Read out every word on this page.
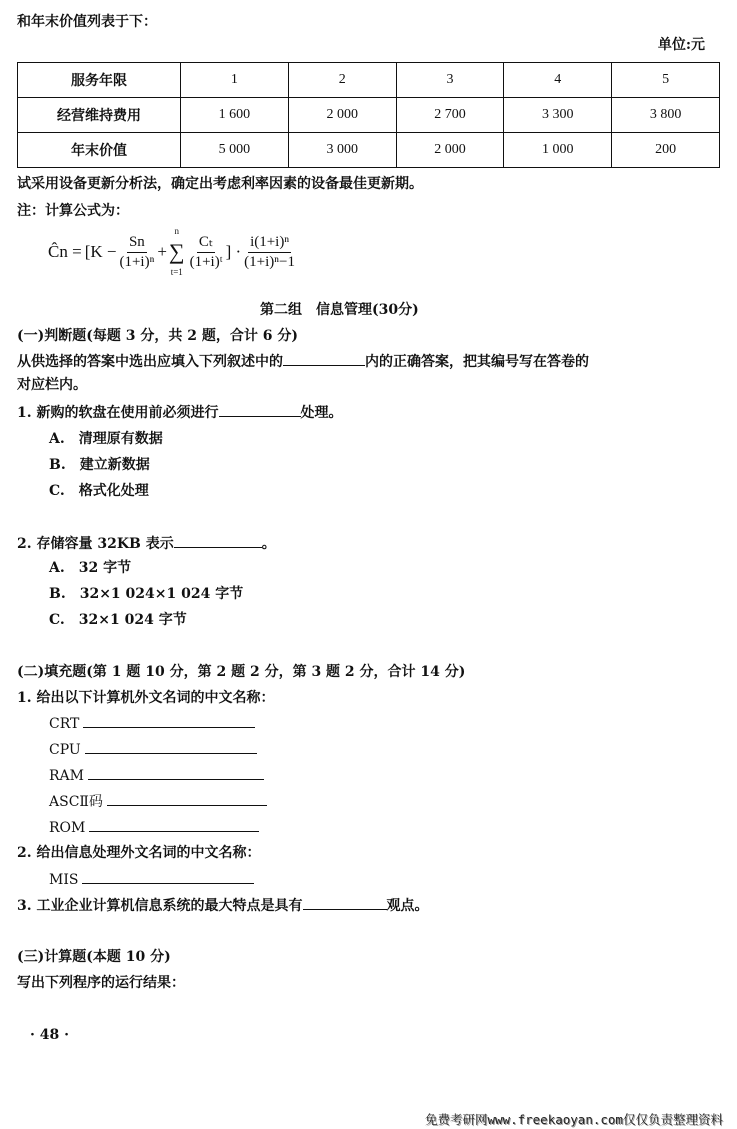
和年末价值列表于下：
单位:元
服务年限	1	2	3	4	5
经营维持费用	1 600	2 000	2 700	3 300	3 800
年末价值	5 000	3 000	2 000	1 000	200
试采用设备更新分析法，确定出考虑利率因素的设备最佳更新期。
注：计算公式为：
Ĉn = [$K - \frac{Sn}{\text{(1+i)ⁿ}}$ +
n
∑
t=1
$\frac{\text{Cₜ}}{\text{(1+i)ᵗ}}$ ] · $\frac{\text{i(1+i)ⁿ}}{\text{(1+i)ⁿ−1}}$
第二组　信息管理(30分)
(一)判断题(每题 3 分，共 2 题，合计 6 分)
从供选择的答案中选出应填入下列叙述中的	内的正确答案，把其编号写在答卷的
对应栏内。
1. 新购的软盘在使用前必须进行	处理。
A.　清理原有数据
B.　建立新数据
C.　格式化处理
2. 存储容量 32KB 表示	。
A.　32 字节
B.　32×1 024×1 024 字节
C.　32×1 024 字节
(二)填充题(第 1 题 10 分，第 2 题 2 分，第 3 题 2 分，合计 14 分)
1. 给出以下计算机外文名词的中文名称：
CRT
CPU
RAM
ASCⅡ码
ROM
2. 给出信息处理外文名词的中文名称：
MIS
3. 工业企业计算机信息系统的最大特点是具有	观点。
(三)计算题(本题 10 分)
写出下列程序的运行结果：
· 48 ·
免费考研网www.freekaoyan.com仅仅负责整理资料
